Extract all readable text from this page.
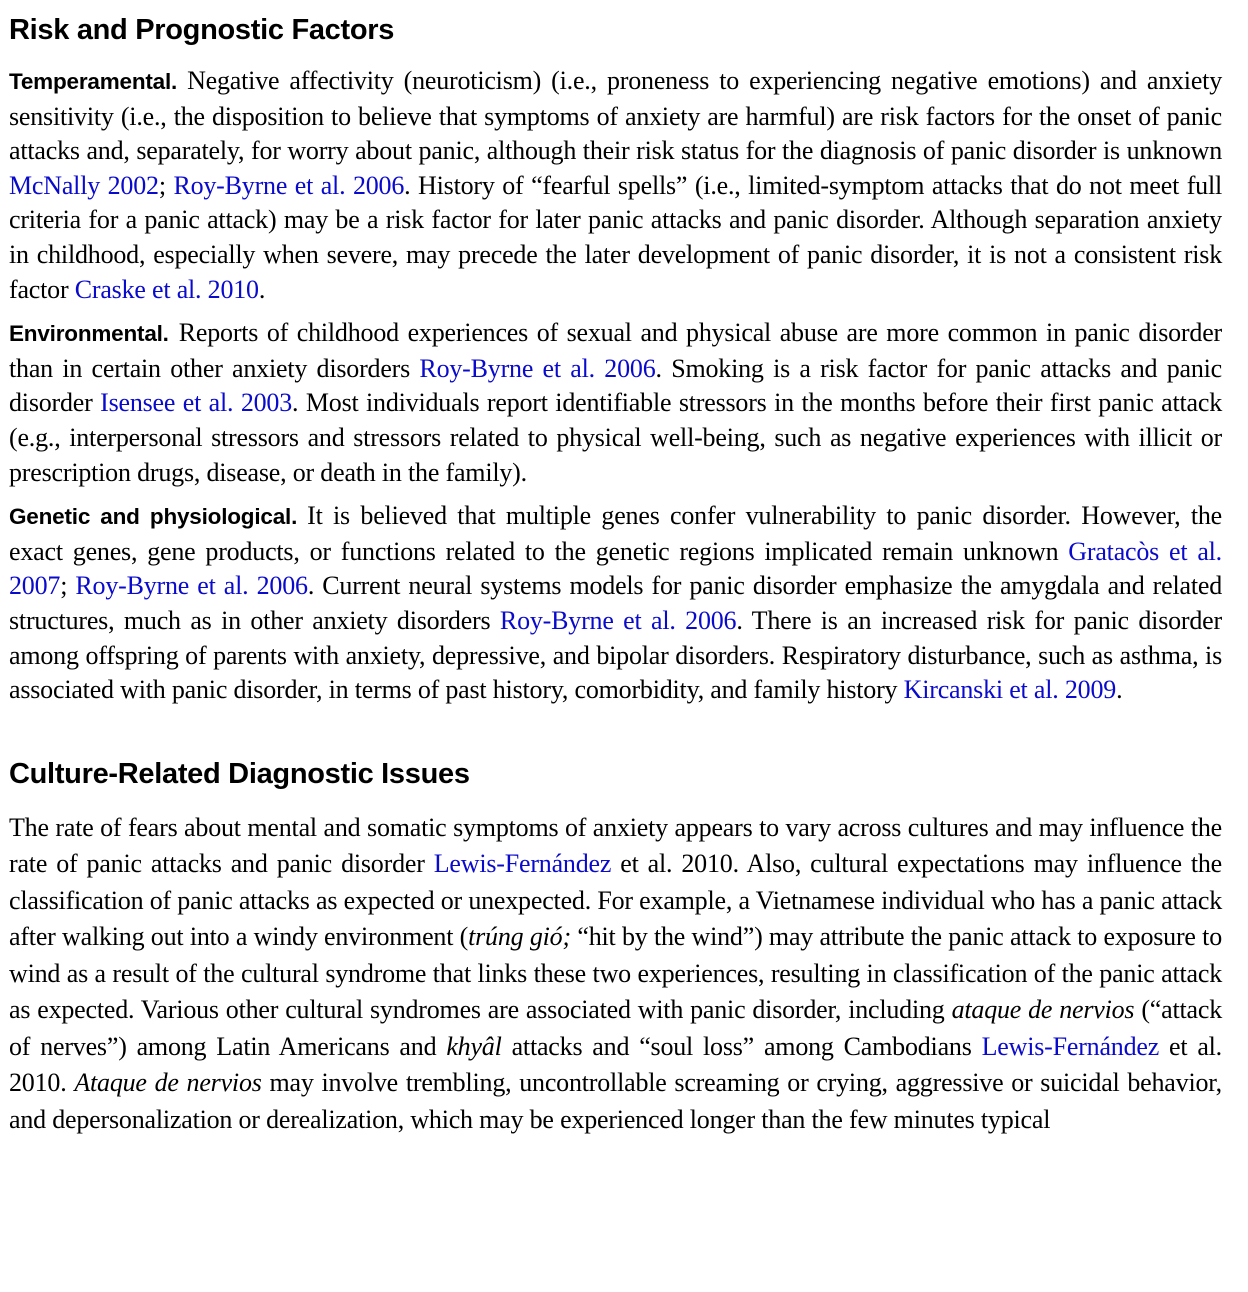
Risk and Prognostic Factors

Temperamental. Negative affectivity (neuroticism) (i.e., proneness to experiencing negative emotions) and anxiety sensitivity (i.e., the disposition to believe that symptoms of anxiety are harmful) are risk factors for the onset of panic attacks and, separately, for worry about panic, although their risk status for the diagnosis of panic disorder is unknown McNally 2002; Roy-Byrne et al. 2006. History of “fearful spells” (i.e., limited-symptom attacks that do not meet full criteria for a panic attack) may be a risk factor for later panic attacks and panic disorder. Although separation anxiety in childhood, especially when severe, may precede the later development of panic disorder, it is not a consistent risk factor Craske et al. 2010.

Environmental. Reports of childhood experiences of sexual and physical abuse are more common in panic disorder than in certain other anxiety disorders Roy-Byrne et al. 2006. Smoking is a risk factor for panic attacks and panic disorder Isensee et al. 2003. Most individuals report identifiable stressors in the months before their first panic attack (e.g., interpersonal stressors and stressors related to physical well-being, such as negative experiences with illicit or prescription drugs, disease, or death in the family).

Genetic and physiological. It is believed that multiple genes confer vulnerability to panic disorder. However, the exact genes, gene products, or functions related to the genetic regions implicated remain unknown Gratacòs et al. 2007; Roy-Byrne et al. 2006. Current neural systems models for panic disorder emphasize the amygdala and related structures, much as in other anxiety disorders Roy-Byrne et al. 2006. There is an increased risk for panic disorder among offspring of parents with anxiety, depressive, and bipolar disorders. Respiratory disturbance, such as asthma, is associated with panic disorder, in terms of past history, comorbidity, and family history Kircanski et al. 2009.

Culture-Related Diagnostic Issues

The rate of fears about mental and somatic symptoms of anxiety appears to vary across cultures and may influence the rate of panic attacks and panic disorder Lewis-Fernández et al. 2010. Also, cultural expectations may influence the classification of panic attacks as expected or unexpected. For example, a Vietnamese individual who has a panic attack after walking out into a windy environment (trúng gió; “hit by the wind”) may attribute the panic attack to exposure to wind as a result of the cultural syndrome that links these two experiences, resulting in classification of the panic attack as expected. Various other cultural syndromes are associated with panic disorder, including ataque de nervios (“attack of nerves”) among Latin Americans and khyâl attacks and “soul loss” among Cambodians Lewis-Fernández et al. 2010. Ataque de nervios may involve trembling, uncontrollable screaming or crying, aggressive or suicidal behavior, and depersonalization or derealization, which may be experienced longer than the few minutes typical
